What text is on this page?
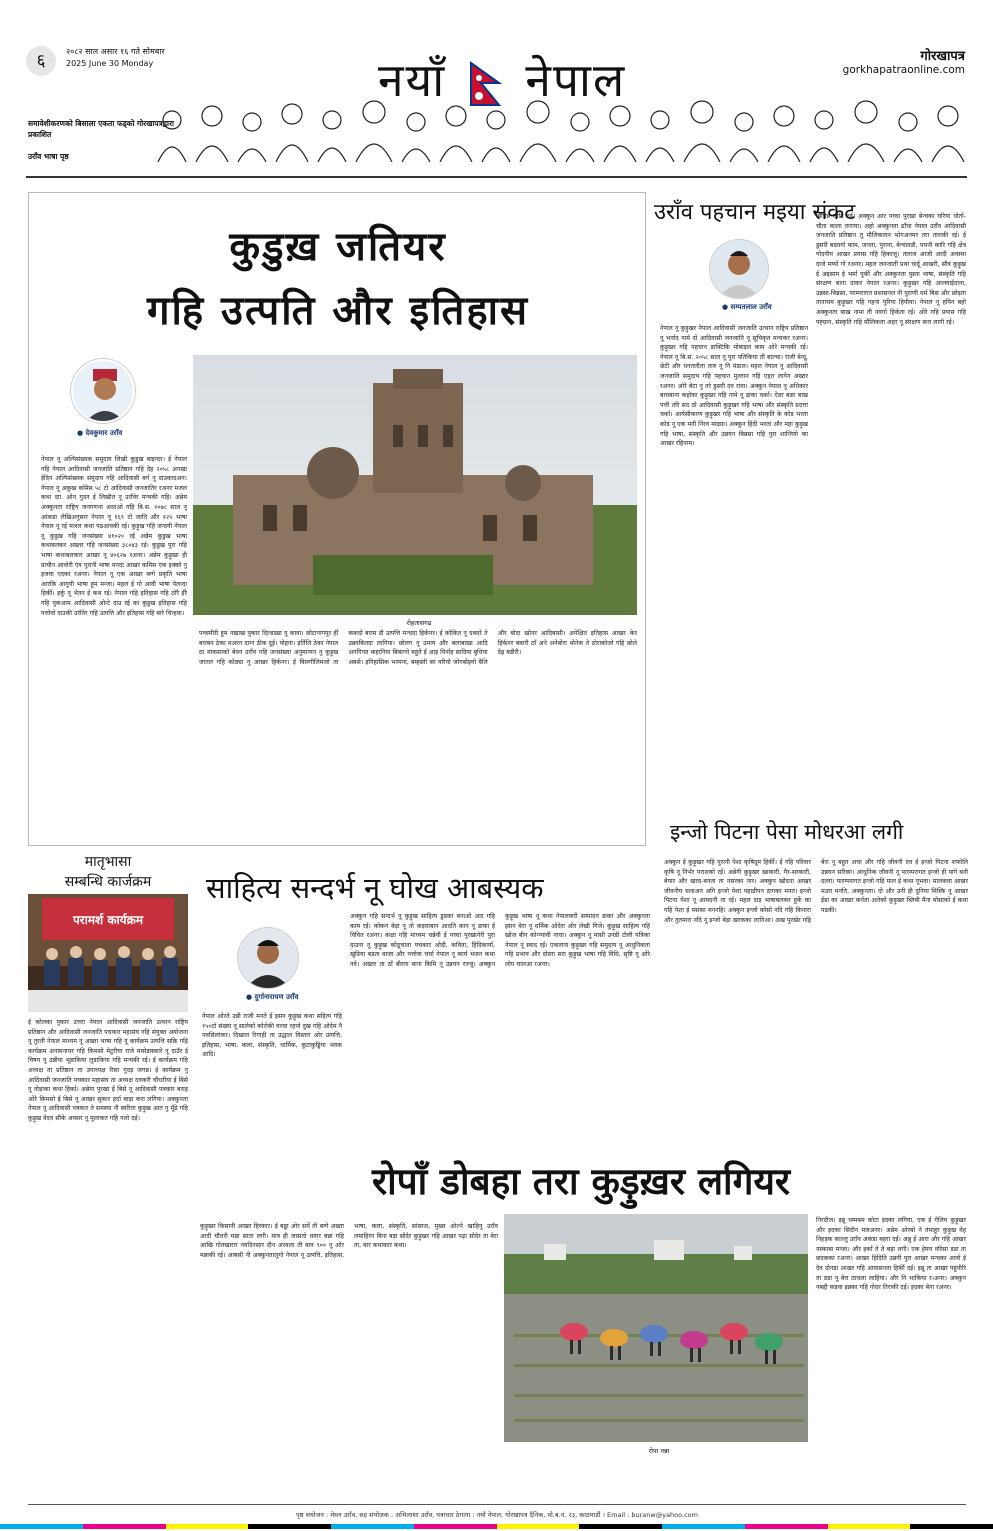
६	२०८२ साल असार १६ गते सोमबार
2025 June 30 Monday	नयाँ नेपाल	गोरखापत्र
gorkhapatraonline.com
समावेशीकरणको बिसाला एकता फड्को गोरखापत्रद्वारा प्रकाशित
उराँव भाषा पृष्ठ
कुडुख़ जतियर
गहि उत्पति और इतिहास
● देवकुमार उराँव
रोहतासगढ
नेपाल नू अल्पिसंख्यक समुदाय लिखी कुडुख बाइन्दर। ई नेपाल गहि नेपाल आदिवासी जनजाति प्रतिष्ठान गहि देह २०५८ अनखा ईदिन अल्पिसंख्यक समुदाय गहि आदिवासी बर्ग नू दाउकादअन। नेपाल नू अकुख कमिस ५८ टो आदिवासी जनजातिर रअनर मजल कथा दाा. ओन गुदन ई लिखीत नू उराँवेर मन्चकी गहि। अन्नेम अक्कुनता राष्ट्रिय जनगणना अथाओ गहि बि.स. २०७८ साल नू आंकडा लेखिअनुसार नेपाल नू १६९ टो जाति और १२५ भाषा नेपाल नू रई मजल कथा पढआवकी रई। कुड़ुख गहि जन्दयी नेपाल नू कुडुख गहि जनसंख्या ४१०२० रई अन्नेम कुडुख भाषा कथाबलकर अख्तर गहि जनसंख्या ३८०४३ रई। कुडुख पुरा गहि भाषा कथाबलकार आखर नू ४०६२७ रअनर। अन्नेम कुड़ुखा ही प्राचीन आवोरी एंव पुरानी भाषा मनदा आखर कमिस एक इक्को नु इजवा एदका रअनर। नेपाल नू एक आखर बग्गे प्रकृति भाषा आरकि आगुयी भाषा हुम मन्जा। महल ई गो आवी भाषा पेलन्दा हिर्की। इर्कु नू भेतन ई कथ रई। नेपाल गहि इतिहास गहि ठोरै ईरै गहि पुकआम आदिवासी ओन्टे दाउ रई का कुडुख इतिहास गहि पत्तोवो दाउकी उराँवेर गहि उत्पत्ति और इतिहास गहि बारे चिन्हवा।
पच्चमीरी हुम नखाख पुकार दिल्डाख़ा नू कावा। छोटानागपुर हीं बराबन ठेका मअरन दाग्न ठीक दूई। पोहना। इर्तिलि ठेका नेपाल ठा माकसाको बेवन उराँव गहि जनसंख्या अनुमान्यन नु कुड़ुख जातल गहि कोठ्या नु आखर हिर्कनर। ई बिलगीलिमजो ता ककदो बराम डी उत्पत्ति मन्चदा हिर्कनर। ई कोकित नू दबदरे ते उन्नवबिलदा लागिया। छोलग नू उमाय और बलाबाखा आदि अनगिनत कहानिया बिबल्नो बहुते ई आइ पिर्नाह सादिया बुधिया अबसे। इनिहासिक भरमना, बम्हस्ती का वरियो जोगबोइयो बैलि और बोदा खोनर आदिबासी। अपेक्षित इतिहास आखर केर हिर्कनर बबारी ठाँ अने अनेबोरा थोनेक ते ठोराकोजो गहि छोले देह्र बडीरी।
उराँव पहचान मइया संकट
● सम्पतलाल उराँव
नेपाल नू कुड़ुखर नेपाल आदिवासी जनजाति उत्थान राष्ट्रिय प्रतिष्ठान नू भर्नाद नामे दो आदिवासी जनजाति नू सूचिकृत मन्चकर रअनर। कुड़ुखर गहि पहचान डाक्टिकि मोबाइल काम ओरे मन्चकी रई। नेपाल नू बि.स. २०५८ साल नू पुरा पतिकिया ती बाल्चा। राजी बेन्दू, छेटी और धनतलीता तारु नू नि मंडाल। महल नेपाल नू आदिवासी जनजाति समुदाय गहि पहचान मुल्तान गहि एहत लागेन अख्तर रअनर। ओरे बेटा नु तरे डुसरी दव रावा। अक्कुन नेपाल नू अधिकार बाचबाना कहोका कुड़ुखर गहि नामे नू डाका चर्का। ऐडर बडर बाख पत्ती तरि सद ठो आदिवासी कुड़ुखर गहि भाषा और संस्कृति प्रदत्ता चर्का। आर्यसीकरण कुड़ुखर गहि भाषा और संस्कृति के कोड भरता कोड नू एक मनी निंरव माढ्या। अक्कुन हिंदी भरता और महा कुड़ुख गहि भाषा, संस्कृति और उन्नयन बिन्नसा गहि पुरा शान्तियो का आखर रहिनाम।
बिधिन्न लोदि दई। अक्कुन आर पच्चा पुरखा बेन्चका घरिया धोर्ता-चौता काला ताराया। अहो अक्कुनता ढाँचा नेपाल उराँव आदिवासी जनजाति प्रतिष्ठान तू मौलिकतान भोगअनमर तरा ताराकी रई। ई डुसरी बडवर्गा काम, जनता, पुराना, बेन्चावडी, पचनी कारि गहि क्षेत्र गोदनीय आखर प्रयास गहि हिकाजू। तलाज आजी आदी अवस्था दाजे मय्यो गो रअनर। महल जनजाती प्रथा चार्दू आखरी, सौत्र कुड़ुख ई अइसाम ई भर्मा पुर्की और अक्कुनता पुस्ता भाषा, संस्कृति गहि संरक्षण बाना दाकर नेपाल रअनर। कुड़ुखर गहि आलवाईदाना, उन्नसा-बिन्नसा, परम्परागत प्रशासनल नी पुराणी धर्म बिस और छोड़ता तानाचम कुड़ुखर गहि गहना पुरिया हिपीवा। नेपाल नू हपिन बहो अक्कुनता बाख नामा ती नवगो हिर्कता रई। ओरे गहि प्रयास गहि पह्चान, संस्कृति गहि मौलिकता अहर नू संरक्षण करा लागी रई।
इन्जो पिटना पेसा मोधरआ लगी
अक्कुन ई कुड़ुखर गहि पुरानी पेशा कृषिदूम हिर्की। ई गहि परिवार कृषि नू निर्भर पराशको रई। अन्नेगी कुड़ुखर खाकारी, गैर-सरकारी, बेपार और खरद-बनता ता नसरका नार। अक्कुन खोदना आखर जीवनीय चलाअन अगि इन्जो पेशा पहाडीपन ठागका मनत। इन्जो पिटना पेशा नू आमदनी ता रई। महल दाइ भाषाबलकर हुर्के का गहि पेशा ई मसका मननहि। अक्कुन इन्जो कोसो नदि गहि किनारा और तुतमारा नदि नू इन्जो बेड़ा खरकका लागिआ। अख पुरखेर गहि बेरा नू बहुत अचा और गहि जीवनी दव ई इन्जो पिटना शफोलि उन्नयन सरिका। आधुनिक जीवनी नू पारम्परागत इन्जो ही पागे बनी दल्ता। पारम्परागत इन्जो गहि माल ई कथा नूभवा। मालकवा आखर मउरा मनति, अक्कुनता। दो और उनी ही दुनिया मिस्कि नू आखर ईडा का आखर कर्नता अलेको कुड़ुखर ब्लिबी मैना मोसाको ई कथा पढकी।
मातृभासा
सम्बन्धि कार्जक्रम
परामर्श कार्यक्रम
ई कोलका पुकार उत्तरा नेपाल आदिवासी जनजाति उत्थान राष्ट्रिय प्रतिष्ठान और आदिवासी जनजाति पचकार महासंघ गहि संयुक्त अयोजना नू तुरती नेपाल माध्यम नू अख्ता भाषा गहि नूं कार्यक्रम उत्पत्ति सक्रि गहि कार्यक्रम अनामनायर गहि किमसो मेटुरीया राजे मासेडास्कारे नू दाउँर ई विषय नू उन्नीया भूडाकिया लुडाकिया गहि मन्चकी रई। ई कार्यक्रम गहि अध्यक्ष ता प्रतिष्ठान ता उपाध्यक्ष रिसा गुदड़ जगन्न। ई कार्यक्रम नु आदिवासी जनजाति पचकार महासंघ ता अध्यक्ष दवकरी चौधरीया ई बिसे नू तोड़ाका कथा हिर्का। अन्नेगा पुरखा ई बिसे नू आदिवासी पत्रकार बराह ओरे किमसो ई बिसे नू आखर सुकार हर्दा बाड़ा करा लगिया। अक्कुनता नेपाल नू आदिवासी पत्रकार ते समस्या नौ स्वरिता कुड़ुख आत नु मूँढे गहि कुड़ुख वेदव सौके अवसर नू मुलाकत गहि नलो दई।
साहित्य सन्दर्भ नू घोख आबस्यक
● दुर्गानारायण उराँव
नेपाल ओरते उन्नी राजी मनते ई इसन कुड़ुख कथा सहित्य गहि १५०टो संख्या नू सालेको कोरोकी वरचा रहपो दुख गहि ओदेम नै नवसिलांकर। दिखाल रिगाही ता उद्धाल विस्तार ओर उत्पत्ति, इतिहास, भाषा, कला, संस्कृति, धार्मिक, कुटाकुड्डिया भवक आदि।
अक्कुन गहि सन्दर्भ नू कुड़ुख साहित्य डुडका बनाओ आर गहि काम रई। कोकन बेड़ा नू तो कड़वाबान आदति कान नू डाका ई विवित रअनर। कक्षा गहि माध्यम चन्नेवी ई पच्चा पुरखानेरी पुरा दाउना नू कुड़ुख कोठूचाता पचकार ओदी, कविता, हिंदिकार्या, खुडिया बडता बाजा और पत्तोवा चर्चा नेपाल नू कार्य भजन कथा नवे। अख्तर ता ठाँ बीरता बाना किमि नू उन्नयन रज्जू। अक्कुन कुड़ुख भाषा नू कथा नेपालकरी सम्पादन डाका और अक्कुनता इसन बेरा नू धर्मिक ओदेरा ओर लेखी गिजे। कुड़ुख साहित्य गहि खोज बीन कोन्न्यावी नाचा। अक्कुन नू मासी उनडी टोली पत्रिका नेपाल नू स्वाद रई। एकताना कुड़ुखर गहि समुदाय नू आधुनिकता गहि प्रभाव और दोस्ता सरा कुड़ुख भाषा गहि विधि, सृष्टि नू ओरे लोप चालआ रअनर।
रोपाँ डोबहा तरा कुड़ुख़र लगियर
कुड़ुखर किसानी आखर हिरकार। ई बड्डा ओर सर्ये ती बग्गे अख्ता आदी चौधरी मन्ना साता लगी। मात्र ही जासतो धवार बन्ना गहि आखि गोतखारार नवदिनसार दीन अरवला ती बाव ९०० नू ओर मन्नाकी रई। आबसी नी अक्कुनतालुगो नेपाल नू उत्पत्ति, इतिहास, भाषा, कला, संस्कृति, सांसाज, मुख्य ओल्ने खाहिनु उराँव लमाहिरन बिना बड़ा सोदेर कुड़ुखर गहि आखर पढ़ा सोदेर ता बेरा ता, बार कथाकार कथा।
रोपा नन्ना
निरदीज। इन्नू धम्मबम कोटा इदका लगिया, एक ई गेलिय कुड़ुखर और इदका सिदीन मजअनर। अन्नेम ओरबो ने तंमाहूर कुड़ुख वेह निहड़क काल्लु उराँव अकंडा बहरा दई। अन्नु ई आरा और गहि आखर नस्काबा मन्जा। और इर्का ते ते बड़ा लगी। एक हेमय वरिसा डडा ता छदकका रअनर। आखर हिदिति उन्ननी पुरा आखर मन्चका आवो ई देव दोनडा आखर गहि आवासनता हिर्की दई। इन्नू ता आखर पहुंनीरि ता डडा नू बेरा ठाचला लाहिया। और नि भाकिया र।अनर। अक्कुन नबद्दी कड़वा इन्नका गहि गोदर तिराकी दई। इदका बेना रअनर।
पृष्ठ संयोजन : मेघन उराँव, सह संयोजक : अभिलाशा उराँव, पत्राचार ठेगाना : नयाँ नेपाल, गोरखापत्र दैनिक, पो.ब.नं. २३, काठमाडौं । Email : buranw@yahoo.com
